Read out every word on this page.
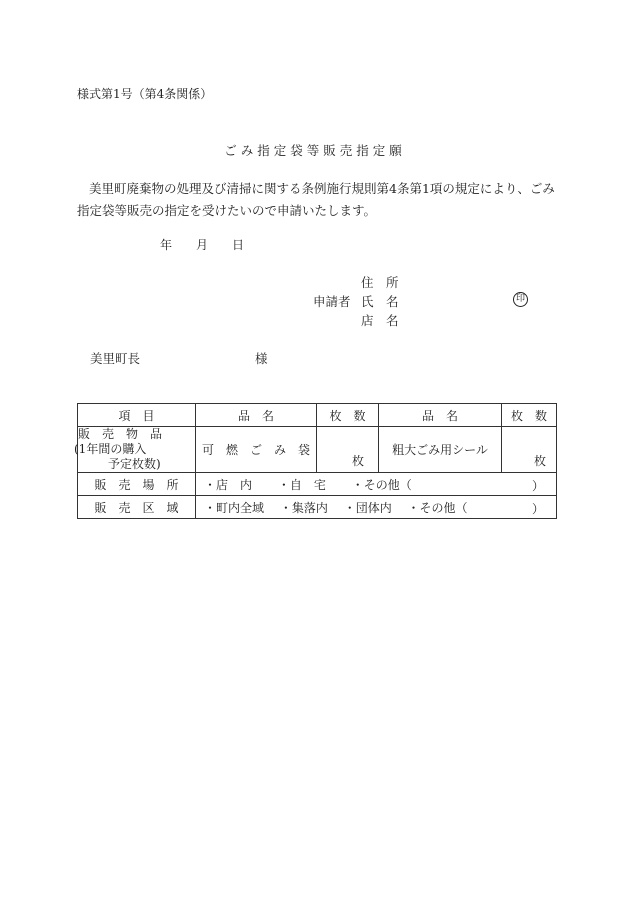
様式第1号（第4条関係）
ごみ指定袋等販売指定願
美里町廃棄物の処理及び清掃に関する条例施行規則第4条第1項の規定により、ごみ指定袋等販売の指定を受けたいので申請いたします。
年 月 日
住　所
申請者 氏　名	印
店　名
美里町長	様
項　目	品　名	枚　数	品　名	枚　数

販　売　物　品
(1年間の購入
予定枚数)	可　燃　ご　み　袋	枚	粗大ごみ用シール	枚
販　売　場　所	・店　内 ・自　宅 ・その他（ ）			

販　売　区　域	・町内全域 ・集落内 ・団体内 ・その他（ ）			
